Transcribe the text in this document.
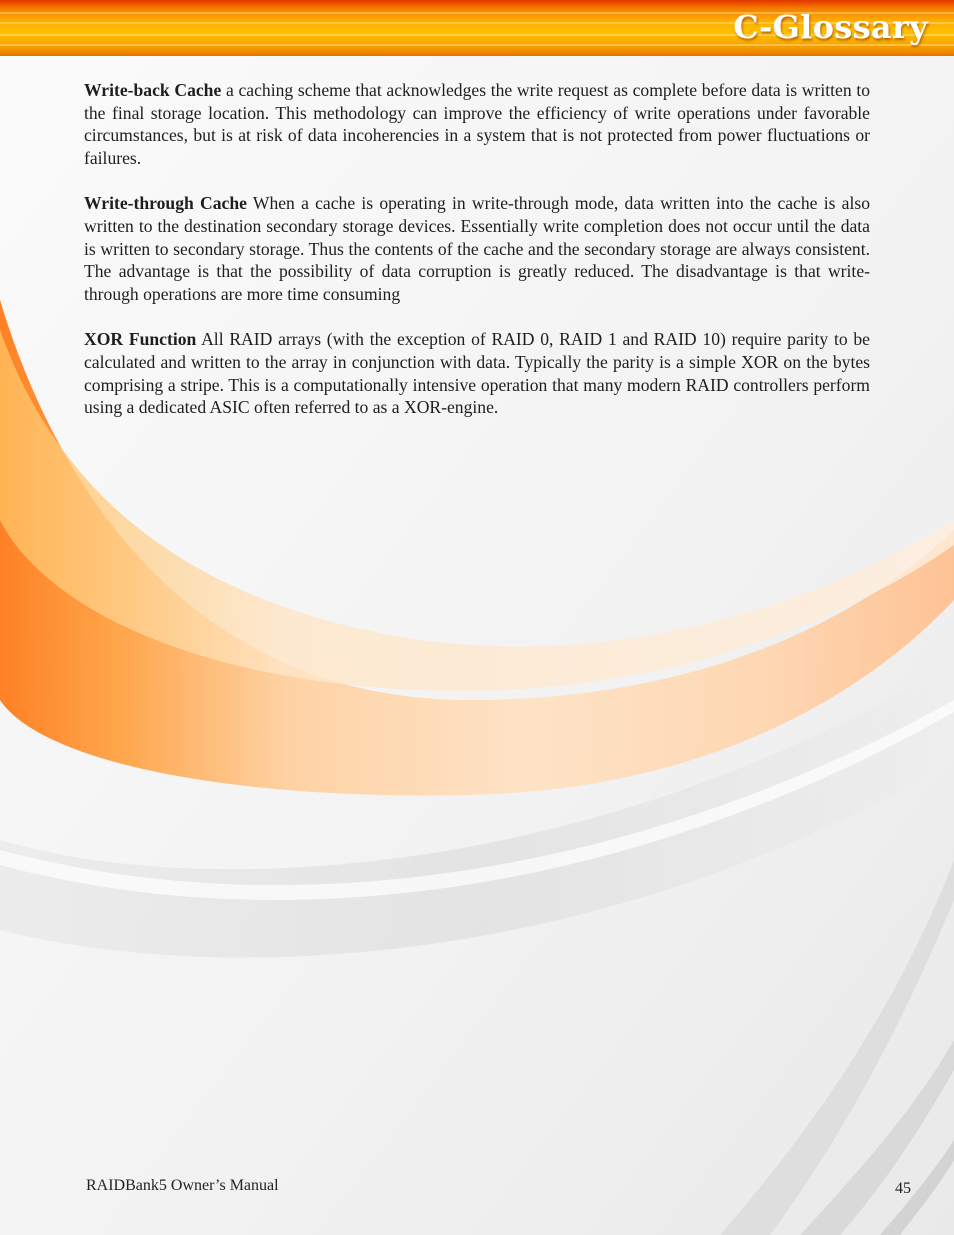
C-Glossary

Write-back Cache a caching scheme that acknowledges the write request as complete before data is written to the final storage location. This methodology can improve the efficiency of write operations under favorable circumstances, but is at risk of data incoherencies in a system that is not protected from power fluctuations or failures.

Write-through Cache When a cache is operating in write-through mode, data written into the cache is also written to the destination secondary storage devices. Essentially write completion does not occur until the data is written to secondary storage. Thus the contents of the cache and the secondary storage are always consistent. The advantage is that the possibility of data corruption is greatly reduced. The disadvantage is that write-through operations are more time consuming

XOR Function All RAID arrays (with the exception of RAID 0, RAID 1 and RAID 10) require parity to be calculated and written to the array in conjunction with data. Typically the parity is a simple XOR on the bytes comprising a stripe. This is a computationally intensive operation that many modern RAID controllers perform using a dedicated ASIC often referred to as a XOR-engine.

RAIDBank5 Owner’s Manual	45
